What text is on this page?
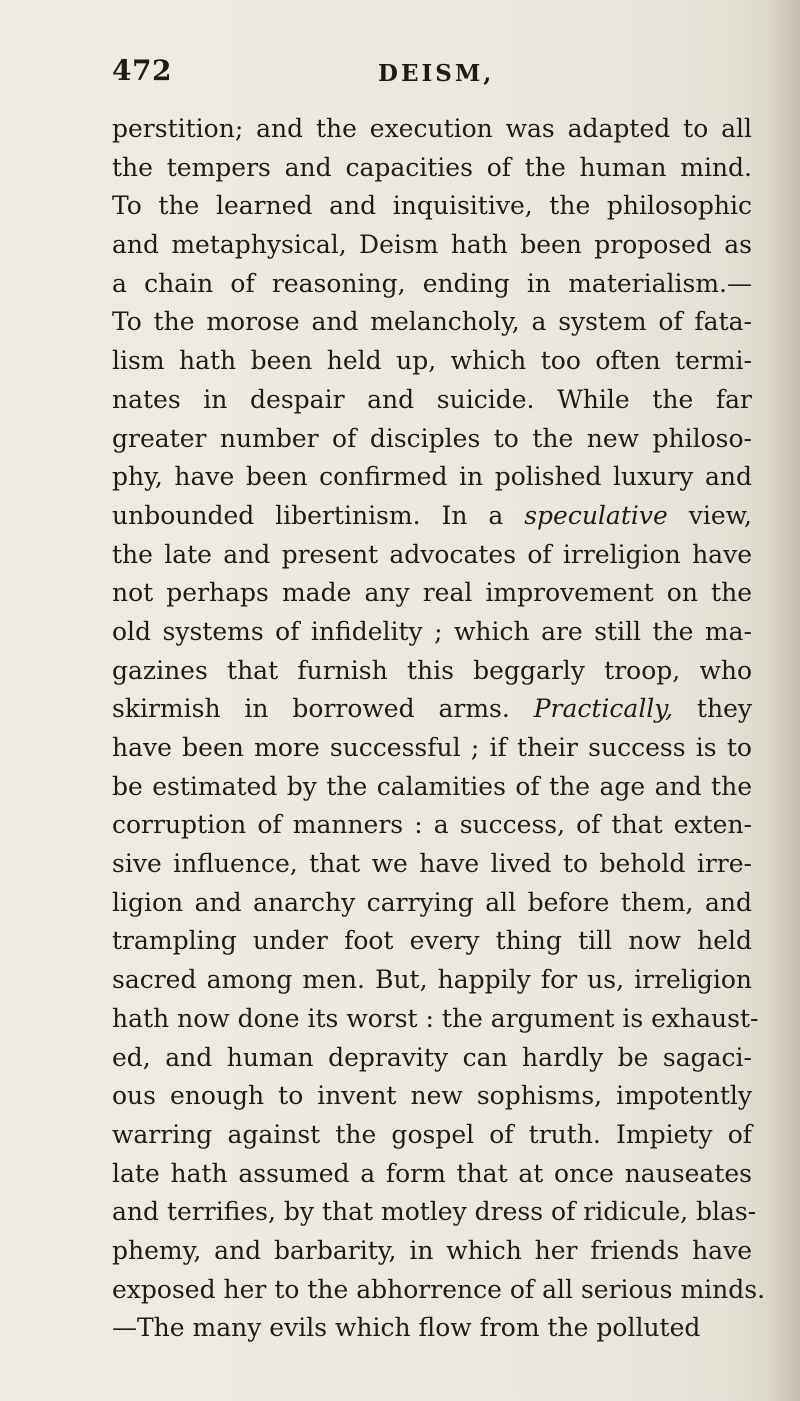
472	DEISM,
perstition; and the execution was adapted to all
the tempers and capacities of the human mind.
To the learned and inquisitive, the philosophic
and metaphysical, Deism hath been proposed as
a chain of reasoning, ending in materialism.—
To the morose and melancholy, a system of fata-
lism hath been held up, which too often termi-
nates in despair and suicide. While the far
greater number of disciples to the new philoso-
phy, have been confirmed in polished luxury and
unbounded libertinism. In a speculative view,
the late and present advocates of irreligion have
not perhaps made any real improvement on the
old systems of infidelity ; which are still the ma-
gazines that furnish this beggarly troop, who
skirmish in borrowed arms. Practically, they
have been more successful ; if their success is to
be estimated by the calamities of the age and the
corruption of manners : a success, of that exten-
sive influence, that we have lived to behold irre-
ligion and anarchy carrying all before them, and
trampling under foot every thing till now held
sacred among men. But, happily for us, irreligion
hath now done its worst : the argument is exhaust-
ed, and human depravity can hardly be sagaci-
ous enough to invent new sophisms, impotently
warring against the gospel of truth. Impiety of
late hath assumed a form that at once nauseates
and terrifies, by that motley dress of ridicule, blas-
phemy, and barbarity, in which her friends have
exposed her to the abhorrence of all serious minds.
—The many evils which flow from the polluted
